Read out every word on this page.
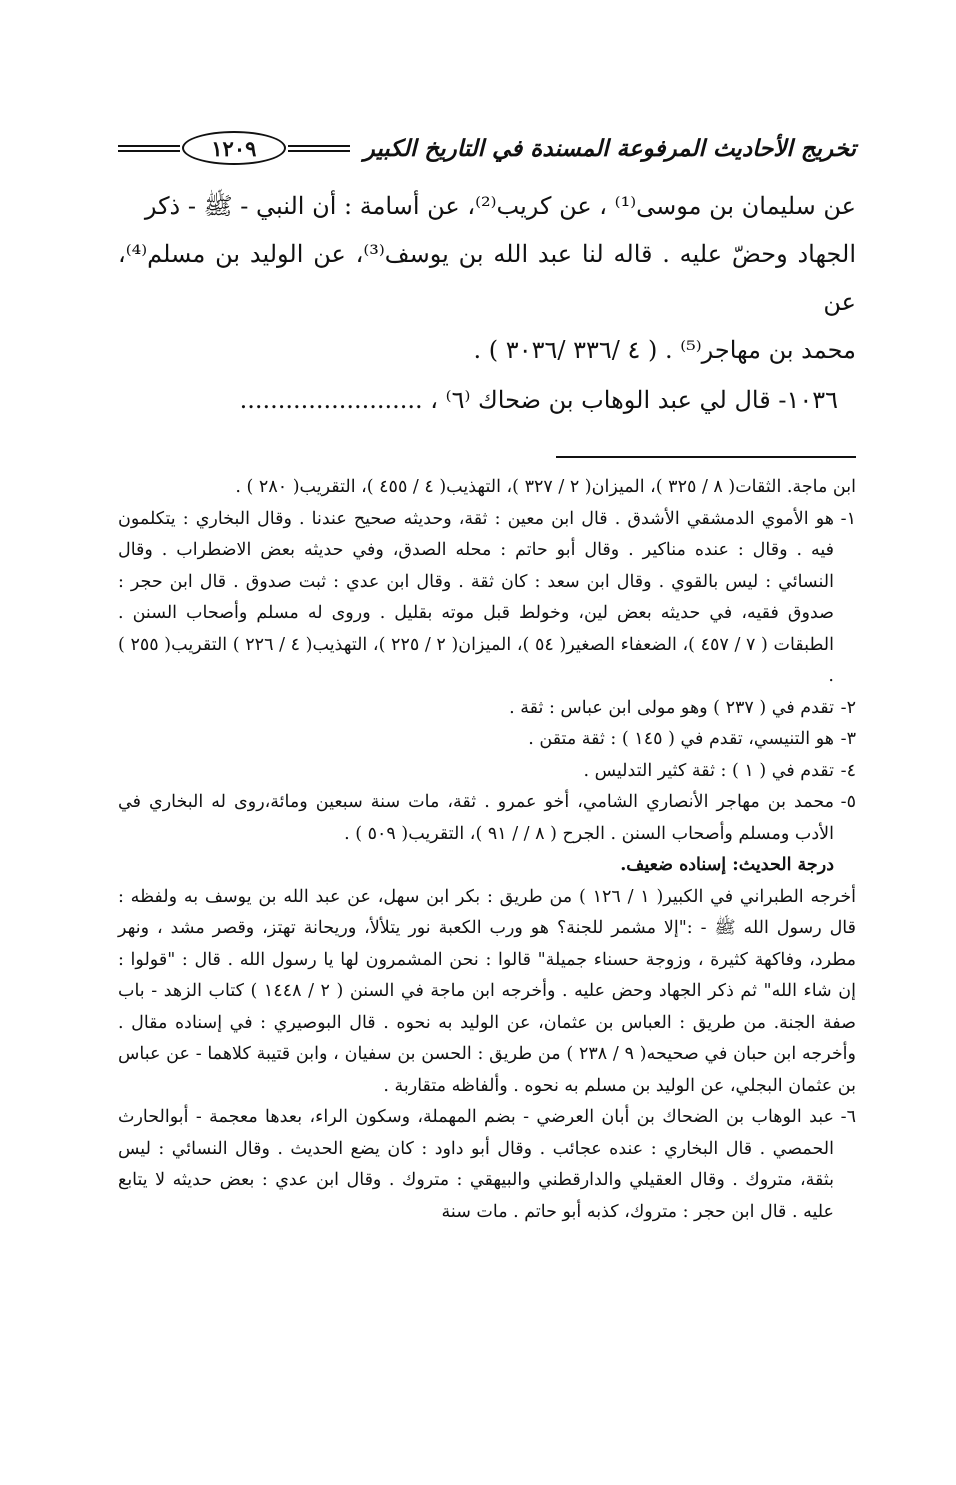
تخريج الأحاديث المرفوعة المسندة في التاريخ الكبير
١٢٠٩

عن سليمان بن موسى⁽¹⁾ ، عن كريب⁽²⁾، عن أسامة : أن النبي - ﷺ - ذكر

الجهاد وحضّ عليه . قاله لنا عبد الله بن يوسف⁽³⁾، عن الوليد بن مسلم⁽⁴⁾، عن

محمد بن مهاجر⁽⁵⁾ . ( ٤ /٣٣٦ /٣٠٣٦ ) .

١٠٣٦- قال لي عبد الوهاب بن ضحاك ⁽٦⁾ ، ........................

ابن ماجة. الثقات( ٨ / ٣٢٥ )، الميزان( ٢ / ٣٢٧ )، التهذيب( ٤ / ٤٥٥ )، التقريب( ٢٨٠ ) .

١-
هو الأموي الدمشقي الأشدق . قال ابن معين : ثقة، وحديثه صحيح عندنا . وقال البخاري : يتكلمون فيه . وقال : عنده مناكير . وقال أبو حاتم : محله الصدق، وفي حديثه بعض الاضطراب . وقال النسائي : ليس بالقوي . وقال ابن سعد : كان ثقة . وقال ابن عدي : ثبت صدوق . قال ابن حجر : صدوق فقيه، في حديثه بعض لين، وخولط قبل موته بقليل . وروى له مسلم وأصحاب السنن . الطبقات ( ٧ / ٤٥٧ )، الضعفاء الصغير( ٥٤ )، الميزان( ٢ / ٢٢٥ )، التهذيب( ٤ / ٢٢٦ ) التقريب( ٢٥٥ ) .
٢-
تقدم في ( ٢٣٧ ) وهو مولى ابن عباس : ثقة .
٣-
هو التنيسي، تقدم في ( ١٤٥ ) : ثقة متقن .
٤-
تقدم في ( ١ ) : ثقة كثير التدليس .
٥-
محمد بن مهاجر الأنصاري الشامي، أخو عمرو . ثقة، مات سنة سبعين ومائة،روى له البخاري في الأدب ومسلم وأصحاب السنن . الجرح ( ٨ / / ٩١ )، التقريب( ٥٠٩ ) .

درجة الحديث: إسناده ضعيف.

أخرجه الطبراني في الكبير( ١ / ١٢٦ ) من طريق : بكر ابن سهل، عن عبد الله بن يوسف به ولفظه : قال رسول الله ﷺ - :"إلا مشمر للجنة؟ هو ورب الكعبة نور يتلألأ، وريحانة تهتز، وقصر مشد ، ونهر مطرد، وفاكهة كثيرة ، وزوجة حسناء جميلة" قالوا : نحن المشمرون لها يا رسول الله . قال : "قولوا : إن شاء الله" ثم ذكر الجهاد وحض عليه . وأخرجه ابن ماجة في السنن ( ٢ / ١٤٤٨ ) كتاب الزهد - باب صفة الجنة. من طريق : العباس بن عثمان، عن الوليد به نحوه . قال البوصيري : في إسناده مقال . وأخرجه ابن حبان في صحيحه( ٩ / ٢٣٨ ) من طريق : الحسن بن سفيان ، وابن قتيبة كلاهما - عن عباس بن عثمان البجلي، عن الوليد بن مسلم به نحوه . وألفاظه متقاربة .

٦-
عبد الوهاب بن الضحاك بن أبان العرضي - بضم المهملة، وسكون الراء، بعدها معجمة - أبوالحارث الحمصي . قال البخاري : عنده عجائب . وقال أبو داود : كان يضع الحديث . وقال النسائي : ليس بثقة، متروك . وقال العقيلي والدارقطني والبيهقي : متروك . وقال ابن عدي : بعض حديثه لا يتابع عليه . قال ابن حجر : متروك، كذبه أبو حاتم . مات سنة
